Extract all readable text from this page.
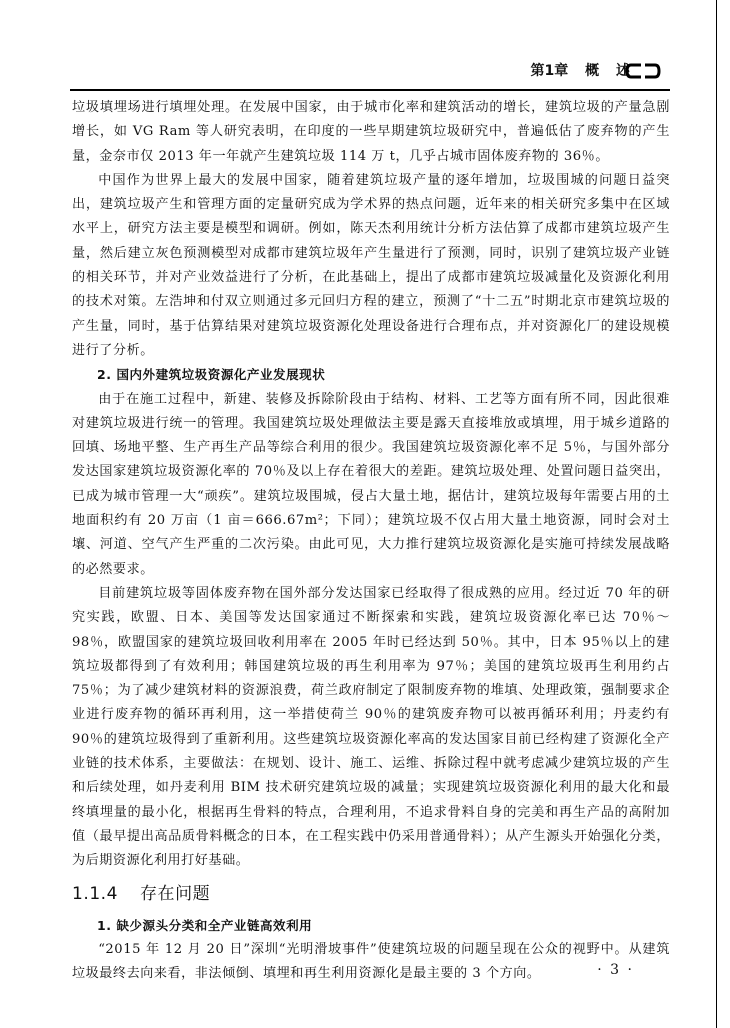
第1章 概 述

垃圾填埋场进行填埋处理。在发展中国家，由于城市化率和建筑活动的增长，建筑垃圾的产量急剧增长，如 VG Ram 等人研究表明，在印度的一些早期建筑垃圾研究中，普遍低估了废弃物的产生量，金奈市仅 2013 年一年就产生建筑垃圾 114 万 t，几乎占城市固体废弃物的 36％。

中国作为世界上最大的发展中国家，随着建筑垃圾产量的逐年增加，垃圾围城的问题日益突出，建筑垃圾产生和管理方面的定量研究成为学术界的热点问题，近年来的相关研究多集中在区域水平上，研究方法主要是模型和调研。例如，陈天杰利用统计分析方法估算了成都市建筑垃圾产生量，然后建立灰色预测模型对成都市建筑垃圾年产生量进行了预测，同时，识别了建筑垃圾产业链的相关环节，并对产业效益进行了分析，在此基础上，提出了成都市建筑垃圾减量化及资源化利用的技术对策。左浩坤和付双立则通过多元回归方程的建立，预测了“十二五”时期北京市建筑垃圾的产生量，同时，基于估算结果对建筑垃圾资源化处理设备进行合理布点，并对资源化厂的建设规模进行了分析。

2. 国内外建筑垃圾资源化产业发展现状

由于在施工过程中，新建、装修及拆除阶段由于结构、材料、工艺等方面有所不同，因此很难对建筑垃圾进行统一的管理。我国建筑垃圾处理做法主要是露天直接堆放或填埋，用于城乡道路的回填、场地平整、生产再生产品等综合利用的很少。我国建筑垃圾资源化率不足 5％，与国外部分发达国家建筑垃圾资源化率的 70％及以上存在着很大的差距。建筑垃圾处理、处置问题日益突出，已成为城市管理一大“顽疾”。建筑垃圾围城，侵占大量土地，据估计，建筑垃圾每年需要占用的土地面积约有 20 万亩（1 亩＝666.67m²；下同）；建筑垃圾不仅占用大量土地资源，同时会对土壤、河道、空气产生严重的二次污染。由此可见，大力推行建筑垃圾资源化是实施可持续发展战略的必然要求。

目前建筑垃圾等固体废弃物在国外部分发达国家已经取得了很成熟的应用。经过近 70 年的研究实践，欧盟、日本、美国等发达国家通过不断探索和实践，建筑垃圾资源化率已达 70％～98％，欧盟国家的建筑垃圾回收利用率在 2005 年时已经达到 50％。其中，日本 95％以上的建筑垃圾都得到了有效利用；韩国建筑垃圾的再生利用率为 97％；美国的建筑垃圾再生利用约占 75％；为了减少建筑材料的资源浪费，荷兰政府制定了限制废弃物的堆填、处理政策，强制要求企业进行废弃物的循环再利用，这一举措使荷兰 90％的建筑废弃物可以被再循环利用；丹麦约有 90％的建筑垃圾得到了重新利用。这些建筑垃圾资源化率高的发达国家目前已经构建了资源化全产业链的技术体系，主要做法：在规划、设计、施工、运维、拆除过程中就考虑减少建筑垃圾的产生和后续处理，如丹麦利用 BIM 技术研究建筑垃圾的减量；实现建筑垃圾资源化利用的最大化和最终填埋量的最小化，根据再生骨料的特点，合理利用，不追求骨料自身的完美和再生产品的高附加值（最早提出高品质骨料概念的日本，在工程实践中仍采用普通骨料）；从产生源头开始强化分类，为后期资源化利用打好基础。

1.1.4 存在问题

1. 缺少源头分类和全产业链高效利用

“2015 年 12 月 20 日”深圳“光明滑坡事件”使建筑垃圾的问题呈现在公众的视野中。从建筑垃圾最终去向来看，非法倾倒、填埋和再生利用资源化是最主要的 3 个方向。	· 3 ·
